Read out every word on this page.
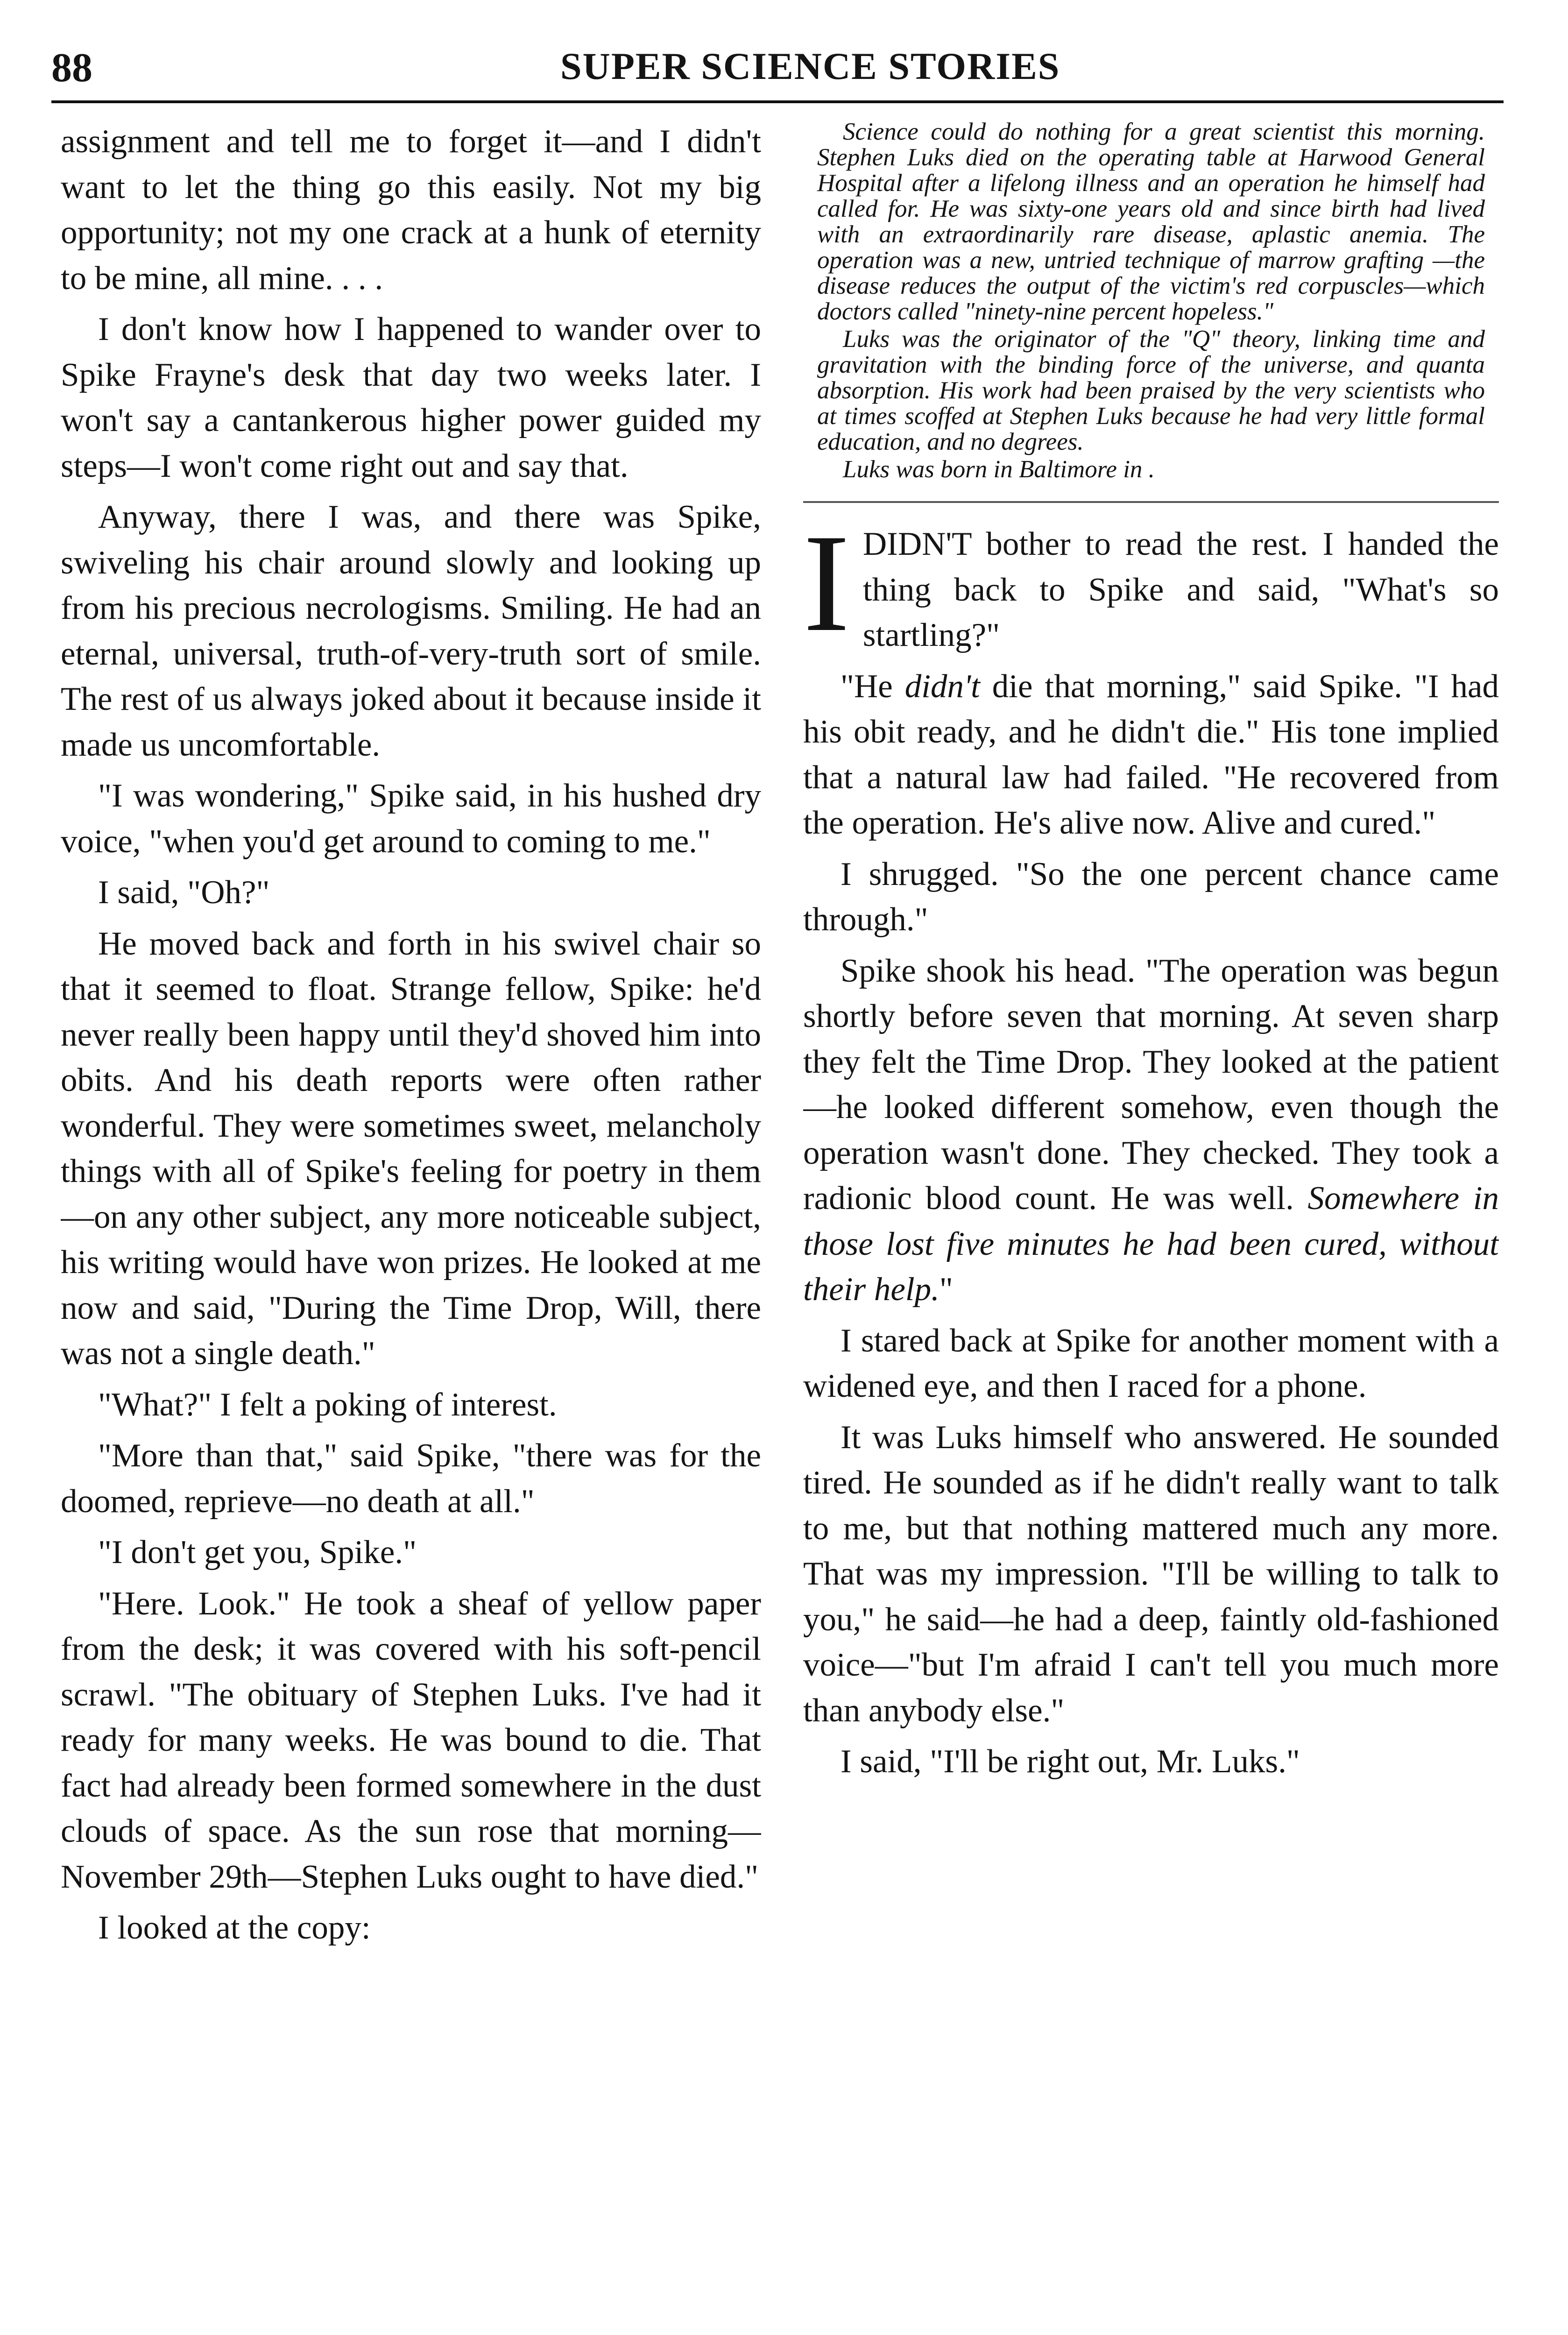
88	SUPER SCIENCE STORIES

assignment and tell me to forget it—and I didn't want to let the thing go this easily. Not my big opportunity; not my one crack at a hunk of eternity to be mine, all mine. . . .

I don't know how I happened to wander over to Spike Frayne's desk that day two weeks later. I won't say a cantankerous higher power guided my steps—I won't come right out and say that.

Anyway, there I was, and there was Spike, swiveling his chair around slowly and looking up from his precious necrologisms. Smiling. He had an eternal, universal, truth-of-very-truth sort of smile. The rest of us always joked about it because inside it made us uncomfortable.

"I was wondering," Spike said, in his hushed dry voice, "when you'd get around to coming to me."

I said, "Oh?"

He moved back and forth in his swivel chair so that it seemed to float. Strange fellow, Spike: he'd never really been happy until they'd shoved him into obits. And his death reports were often rather wonderful. They were sometimes sweet, melancholy things with all of Spike's feeling for poetry in them—on any other subject, any more noticeable subject, his writing would have won prizes. He looked at me now and said, "During the Time Drop, Will, there was not a single death."

"What?" I felt a poking of interest.

"More than that," said Spike, "there was for the doomed, reprieve—no death at all."

"I don't get you, Spike."

"Here. Look." He took a sheaf of yellow paper from the desk; it was covered with his soft-pencil scrawl. "The obituary of Stephen Luks. I've had it ready for many weeks. He was bound to die. That fact had already been formed somewhere in the dust clouds of space. As the sun rose that morning—November 29th—Stephen Luks ought to have died."

I looked at the copy:

Science could do nothing for a great scientist this morning. Stephen Luks died on the operating table at Harwood General Hospital after a lifelong illness and an operation he himself had called for. He was sixty-one years old and since birth had lived with an extraordinarily rare disease, aplastic anemia. The operation was a new, untried technique of marrow grafting —the disease reduces the output of the victim's red corpuscles—which doctors called "ninety-nine percent hopeless."

Luks was the originator of the "Q" theory, linking time and gravitation with the binding force of the universe, and quanta absorption. His work had been praised by the very scientists who at times scoffed at Stephen Luks because he had very little formal education, and no degrees.

Luks was born in Baltimore in .

IDIDN'T bother to read the rest. I handed the thing back to Spike and said, "What's so startling?"

"He didn't die that morning," said Spike. "I had his obit ready, and he didn't die." His tone implied that a natural law had failed. "He recovered from the operation. He's alive now. Alive and cured."

I shrugged. "So the one percent chance came through."

Spike shook his head. "The operation was begun shortly before seven that morning. At seven sharp they felt the Time Drop. They looked at the patient—he looked different somehow, even though the operation wasn't done. They checked. They took a radionic blood count. He was well. Somewhere in those lost five minutes he had been cured, without their help."

I stared back at Spike for another moment with a widened eye, and then I raced for a phone.

It was Luks himself who answered. He sounded tired. He sounded as if he didn't really want to talk to me, but that nothing mattered much any more. That was my impression. "I'll be willing to talk to you," he said—he had a deep, faintly old-fashioned voice—"but I'm afraid I can't tell you much more than anybody else."

I said, "I'll be right out, Mr. Luks."
